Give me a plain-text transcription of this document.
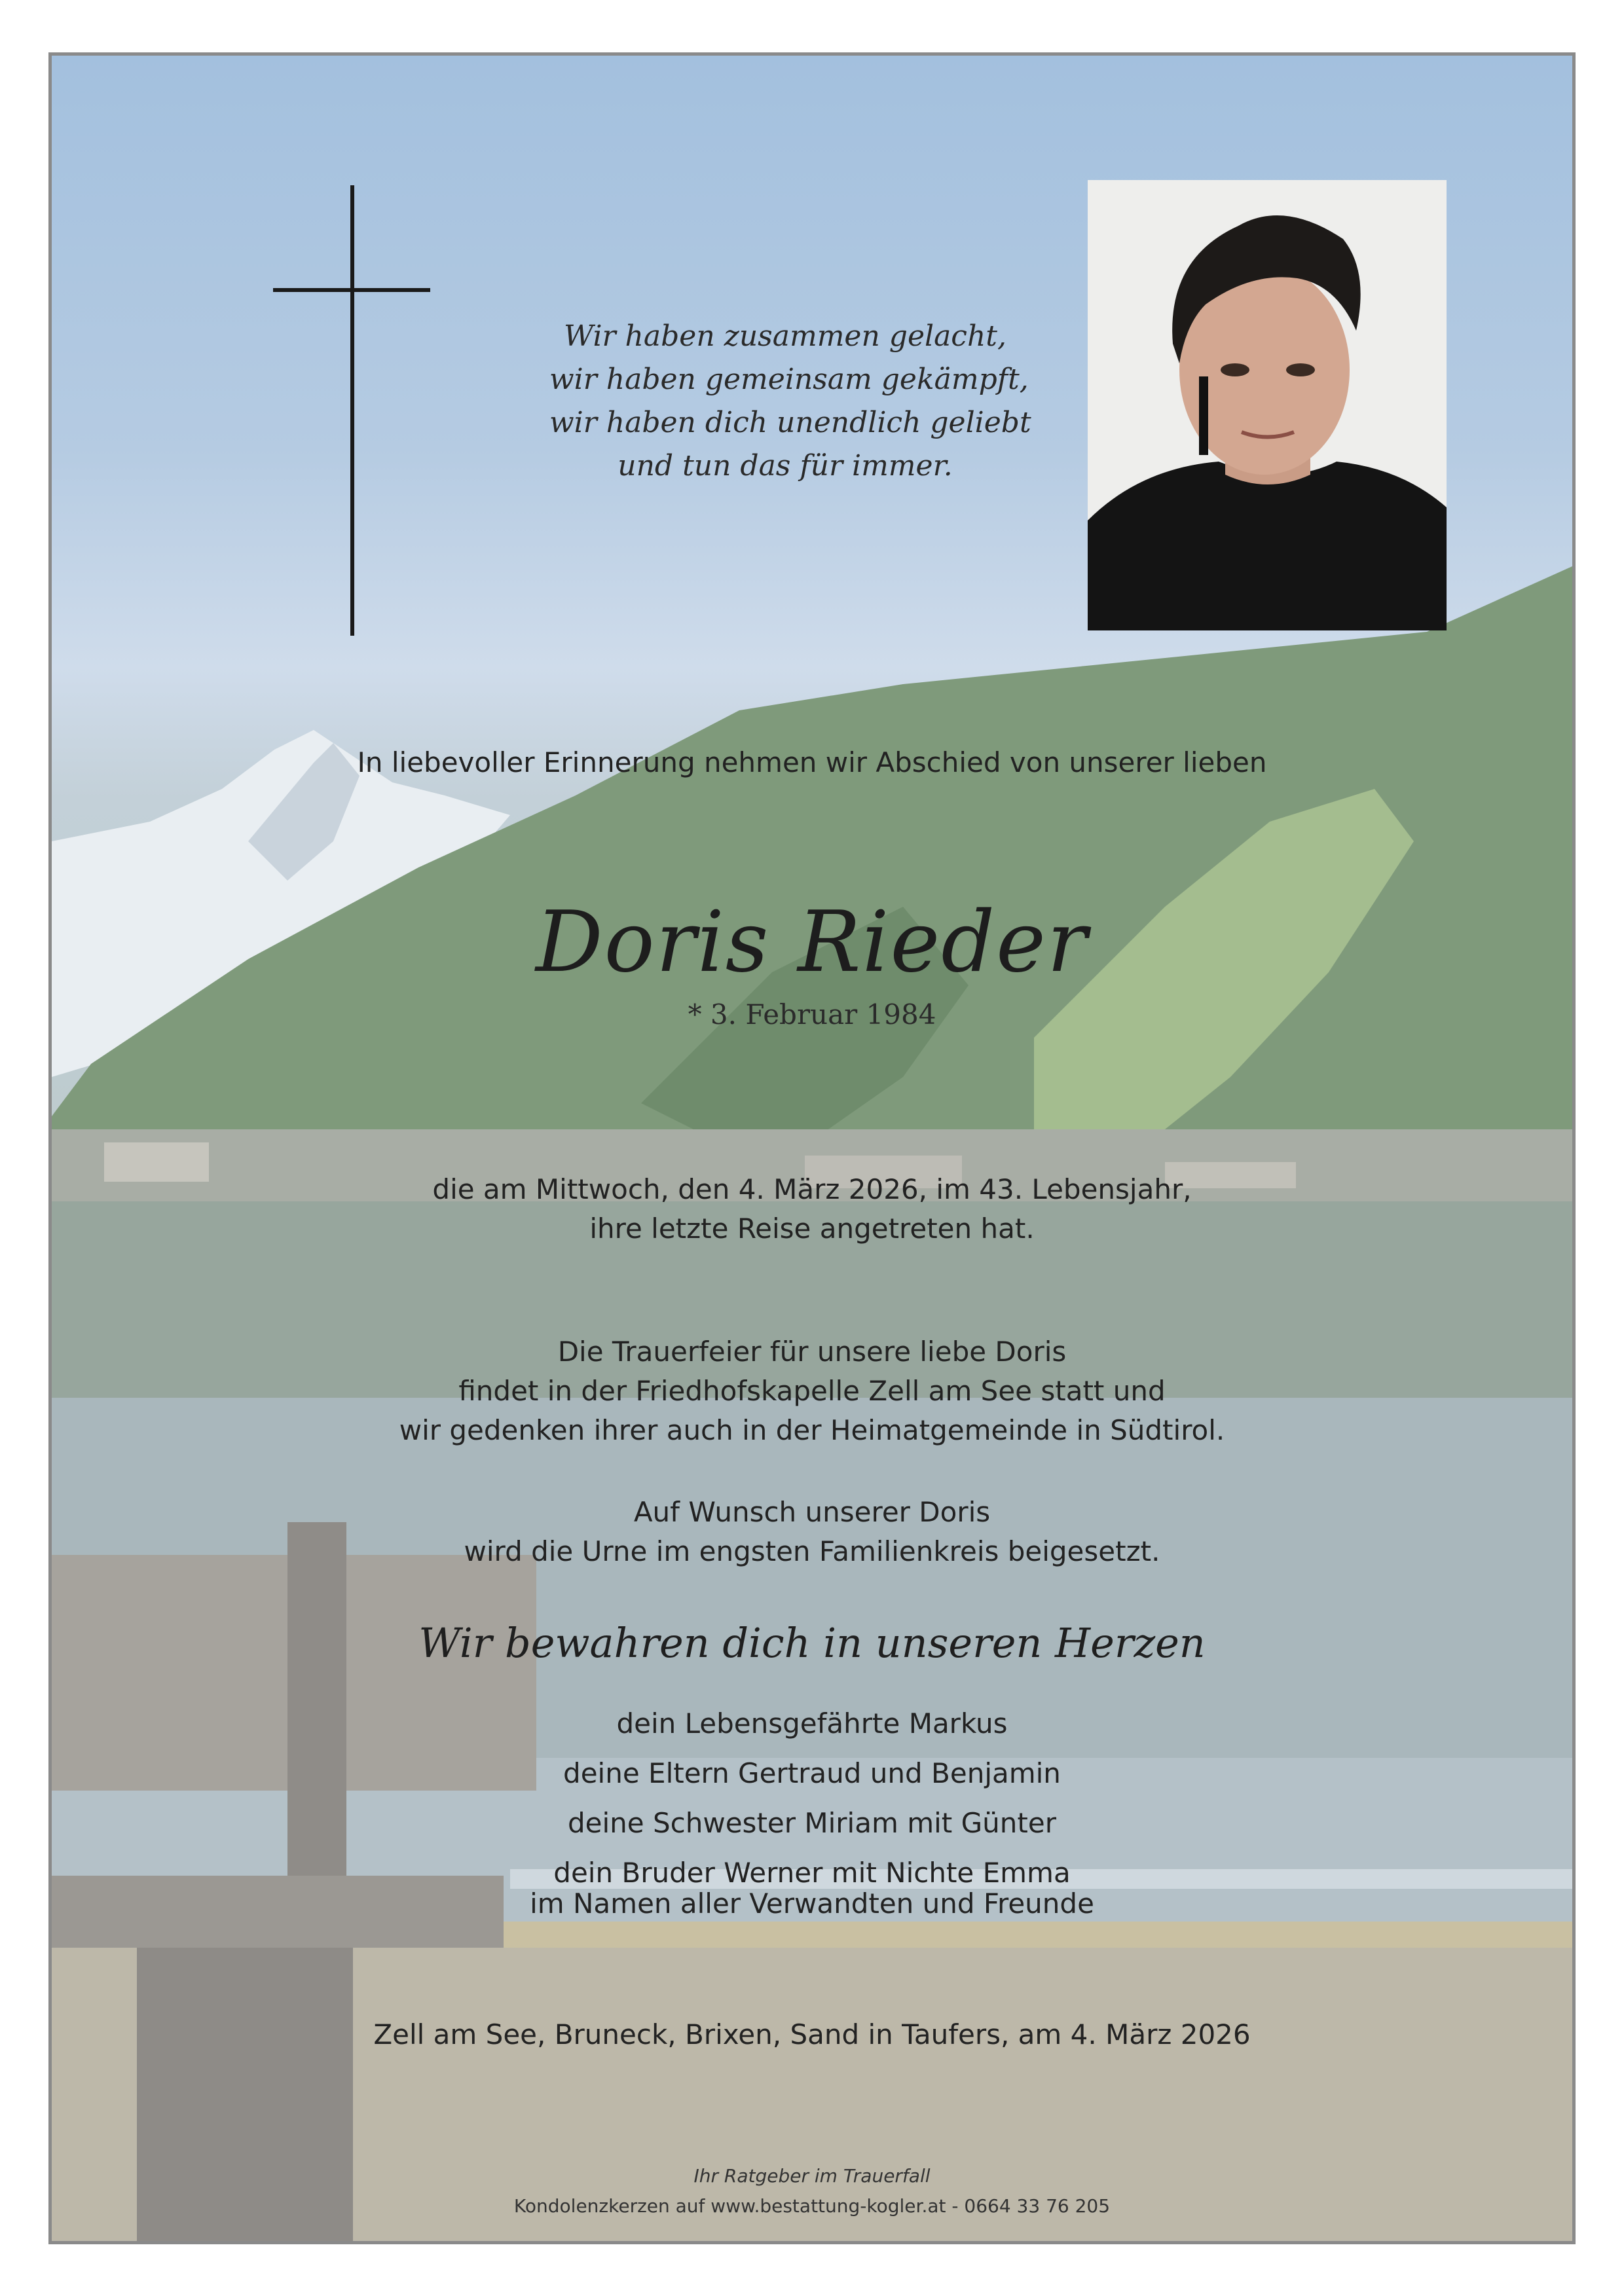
Wir haben zusammen gelacht,
wir haben gemeinsam gekämpft,
wir haben dich unendlich geliebt
und tun das für immer.
In liebevoller Erinnerung nehmen wir Abschied von unserer lieben
Doris Rieder
* 3. Februar 1984
die am Mittwoch, den 4. März 2026, im 43. Lebensjahr,
ihre letzte Reise angetreten hat.
Die Trauerfeier für unsere liebe Doris
findet in der Friedhofskapelle Zell am See statt und
wir gedenken ihrer auch in der Heimatgemeinde in Südtirol.
Auf Wunsch unserer Doris
wird die Urne im engsten Familienkreis beigesetzt.
Wir bewahren dich in unseren Herzen
dein Lebensgefährte Markus
deine Eltern Gertraud und Benjamin
deine Schwester Miriam mit Günter
dein Bruder Werner mit Nichte Emma
im Namen aller Verwandten und Freunde
Zell am See, Bruneck, Brixen, Sand in Taufers, am 4. März 2026
Ihr Ratgeber im Trauerfall
Kondolenzkerzen auf www.bestattung-kogler.at - 0664 33 76 205
